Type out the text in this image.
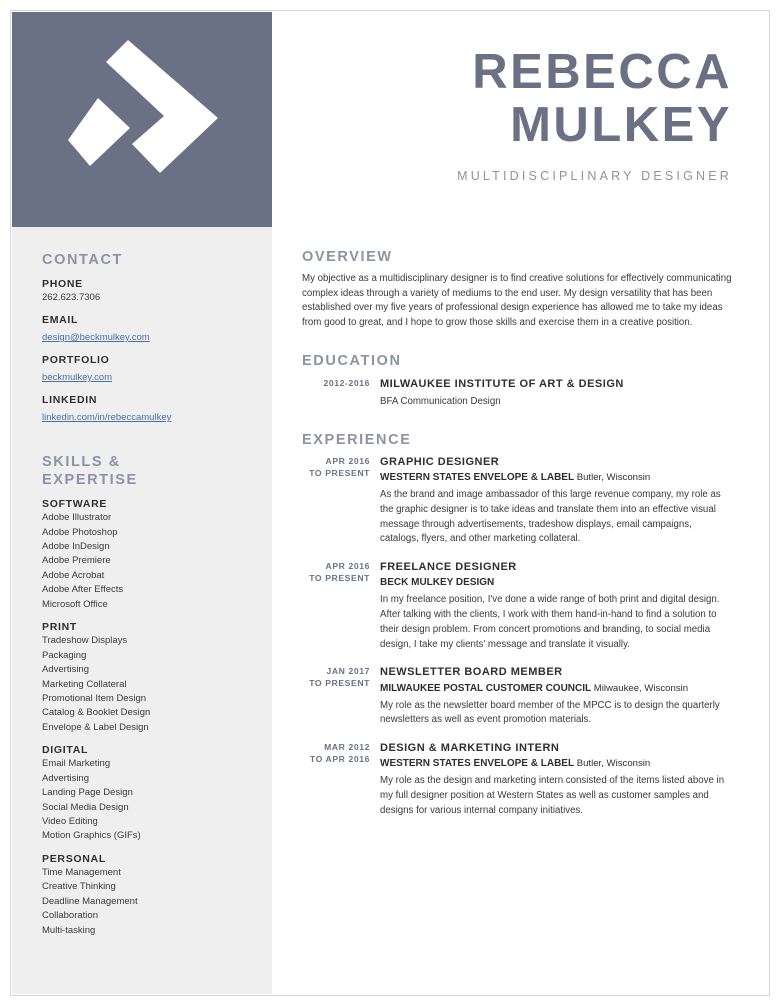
CONTACT
PHONE

262.623.7306

EMAIL
design@beckmulkey.com
PORTFOLIO
beckmulkey.com
LINKEDIN
linkedin.com/in/rebeccamulkey
SKILLS &
EXPERTISE
SOFTWARE
Adobe Illustrator
Adobe Photoshop
Adobe InDesign
Adobe Premiere
Adobe Acrobat
Adobe After Effects
Microsoft Office
PRINT
Tradeshow Displays
Packaging
Advertising
Marketing Collateral
Promotional Item Design
Catalog & Booklet Design
Envelope & Label Design
DIGITAL
Email Marketing
Advertising
Landing Page Design
Social Media Design
Video Editing
Motion Graphics (GIFs)
PERSONAL
Time Management
Creative Thinking
Deadline Management
Collaboration
Multi-tasking
REBECCA
MULKEY
MULTIDISCIPLINARY DESIGNER
OVERVIEW

My objective as a multidisciplinary designer is to find creative solutions for effectively communicating complex ideas through a variety of mediums to the end user. My design versatility that has been established over my five years of professional design experience has allowed me to take my ideas from good to great, and I hope to grow those skills and exercise them in a creative position.

EDUCATION
2012-2016 MILWAUKEE INSTITUTE OF ART & DESIGN

BFA Communication Design

EXPERIENCE
APR 2016
TO PRESENT

GRAPHIC DESIGNER

WESTERN STATES ENVELOPE & LABEL Butler, Wisconsin

As the brand and image ambassador of this large revenue company, my role as the graphic designer is to take ideas and translate them into an effective visual message through advertisements, tradeshow displays, email campaigns, catalogs, flyers, and other marketing collateral.

APR 2016
TO PRESENT

FREELANCE DESIGNER

BECK MULKEY DESIGN

In my freelance position, I've done a wide range of both print and digital design. After talking with the clients, I work with them hand-in-hand to find a solution to their design problem. From concert promotions and branding, to social media design, I take my clients' message and translate it visually.

JAN 2017
TO PRESENT

NEWSLETTER BOARD MEMBER

MILWAUKEE POSTAL CUSTOMER COUNCIL Milwaukee, Wisconsin

My role as the newsletter board member of the MPCC is to design the quarterly newsletters as well as event promotion materials.

MAR 2012
TO APR 2016

DESIGN & MARKETING INTERN

WESTERN STATES ENVELOPE & LABEL Butler, Wisconsin

My role as the design and marketing intern consisted of the items listed above in my full designer position at Western States as well as customer samples and designs for various internal company initiatives.
